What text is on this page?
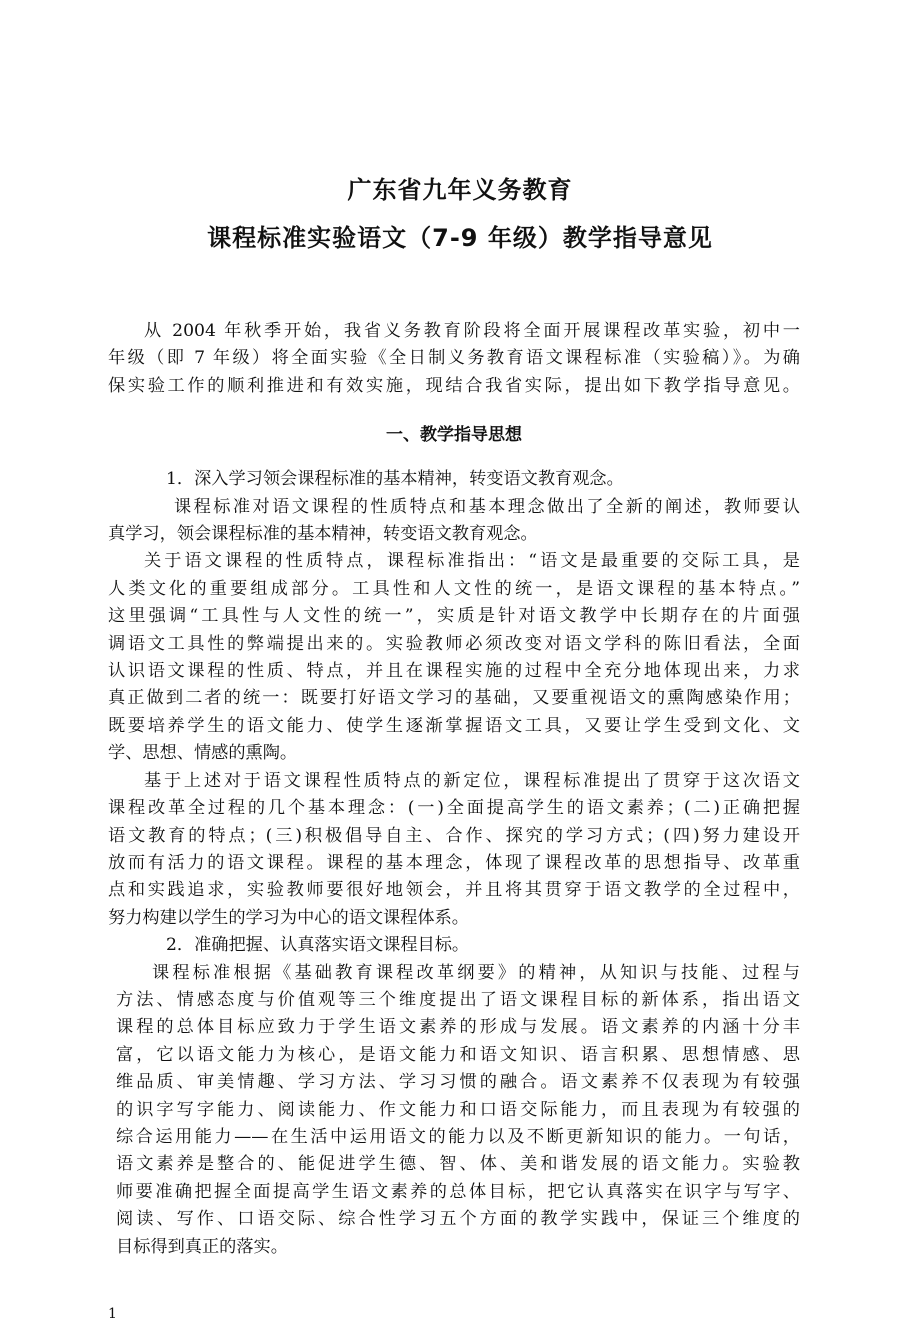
广东省九年义务教育
课程标准实验语文（7-9 年级）教学指导意见
从 2004 年秋季开始，我省义务教育阶段将全面开展课程改革实验，初中一
年级（即 7 年级）将全面实验《全日制义务教育语文课程标准（实验稿）》。为确
保实验工作的顺利推进和有效实施，现结合我省实际，提出如下教学指导意见。
一、教学指导思想
1．深入学习领会课程标准的基本精神，转变语文教育观念。
课程标准对语文课程的性质特点和基本理念做出了全新的阐述，教师要认
真学习，领会课程标准的基本精神，转变语文教育观念。
关于语文课程的性质特点，课程标准指出：“语文是最重要的交际工具，是
人类文化的重要组成部分。工具性和人文性的统一，是语文课程的基本特点。”
这里强调“工具性与人文性的统一”，实质是针对语文教学中长期存在的片面强
调语文工具性的弊端提出来的。实验教师必须改变对语文学科的陈旧看法，全面
认识语文课程的性质、特点，并且在课程实施的过程中全充分地体现出来，力求
真正做到二者的统一：既要打好语文学习的基础，又要重视语文的熏陶感染作用；
既要培养学生的语文能力、使学生逐渐掌握语文工具，又要让学生受到文化、文
学、思想、情感的熏陶。
基于上述对于语文课程性质特点的新定位，课程标准提出了贯穿于这次语文
课程改革全过程的几个基本理念：(一)全面提高学生的语文素养；(二)正确把握
语文教育的特点；(三)积极倡导自主、合作、探究的学习方式；(四)努力建设开
放而有活力的语文课程。课程的基本理念，体现了课程改革的思想指导、改革重
点和实践追求，实验教师要很好地领会，并且将其贯穿于语文教学的全过程中，
努力构建以学生的学习为中心的语文课程体系。
2．准确把握、认真落实语文课程目标。
课程标准根据《基础教育课程改革纲要》的精神，从知识与技能、过程与
方法、情感态度与价值观等三个维度提出了语文课程目标的新体系，指出语文
课程的总体目标应致力于学生语文素养的形成与发展。语文素养的内涵十分丰
富，它以语文能力为核心，是语文能力和语文知识、语言积累、思想情感、思
维品质、审美情趣、学习方法、学习习惯的融合。语文素养不仅表现为有较强
的识字写字能力、阅读能力、作文能力和口语交际能力，而且表现为有较强的
综合运用能力——在生活中运用语文的能力以及不断更新知识的能力。一句话，
语文素养是整合的、能促进学生德、智、体、美和谐发展的语文能力。实验教
师要准确把握全面提高学生语文素养的总体目标，把它认真落实在识字与写字、
阅读、写作、口语交际、综合性学习五个方面的教学实践中，保证三个维度的
目标得到真正的落实。
1
